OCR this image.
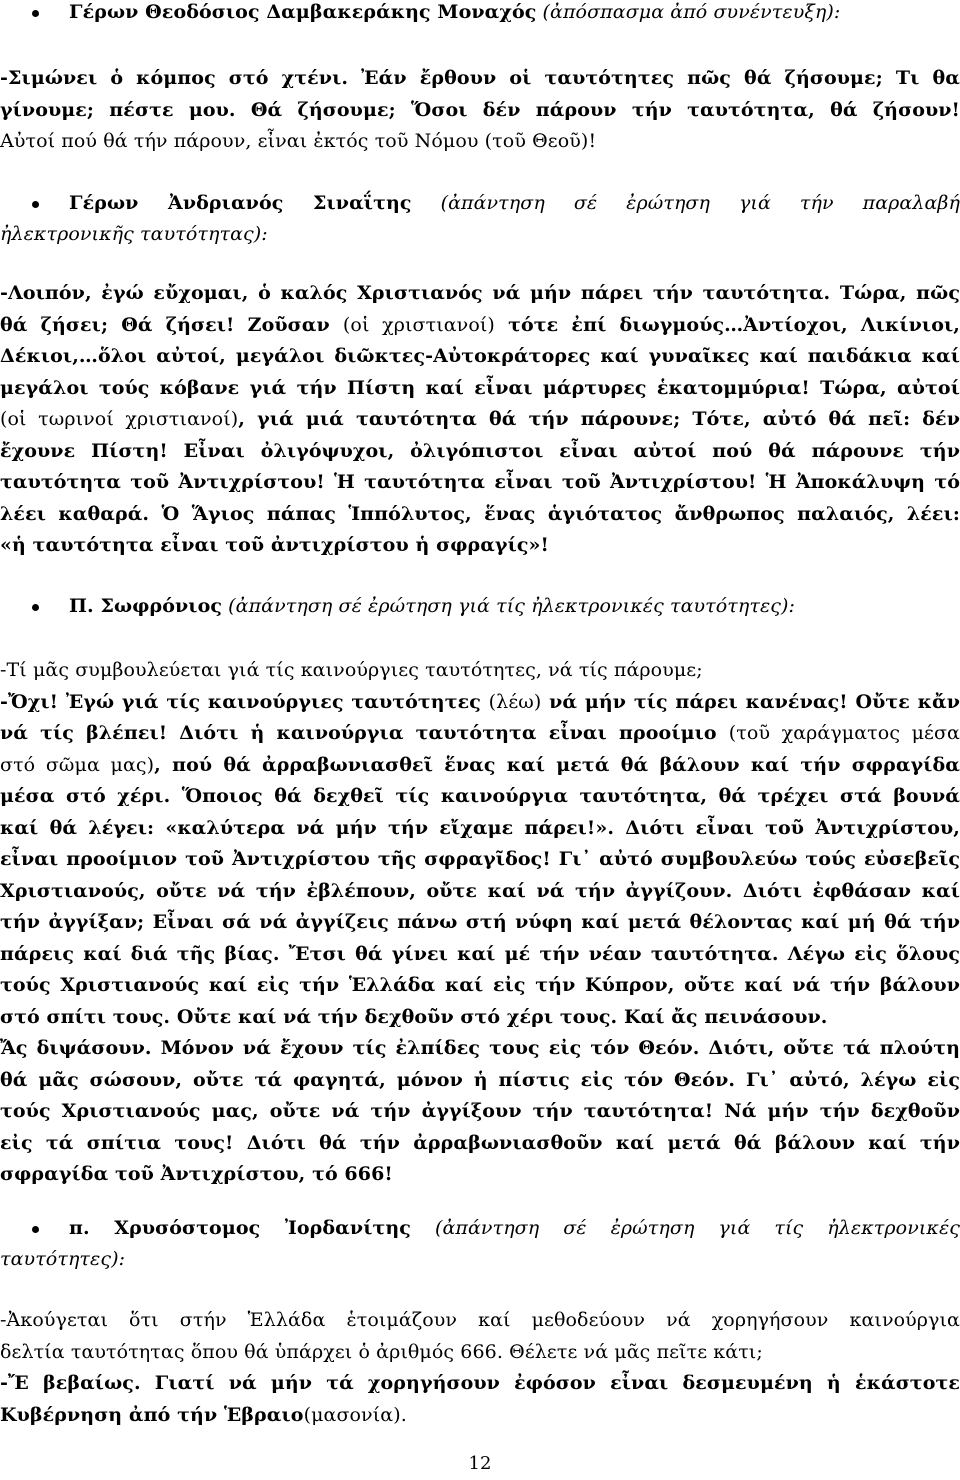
Γέρων Θεοδόσιος Δαμβακεράκης Μοναχός (ἀπόσπασμα ἀπό συνέντευξη):
-Σιμώνει ὁ κόμπος στό χτένι. Ἐάν ἔρθουν οἱ ταυτότητες πῶς θά ζήσουμε; Τι θα
γίνουμε; πέστε μου. Θά ζήσουμε; Ὅσοι δέν πάρουν τήν ταυτότητα, θά ζήσουν!
Αὐτοί πού θά τήν πάρουν, εἶναι ἐκτός τοῦ Νόμου (τοῦ Θεοῦ)!
Γέρων Ἀνδριανός Σιναΐτης (ἀπάντηση σέ ἐρώτηση γιά τήν παραλαβή
ἠλεκτρονικῆς ταυτότητας):
-Λοιπόν, ἐγώ εὔχομαι, ὁ καλός Χριστιανός νά μήν πάρει τήν ταυτότητα. Τώρα, πῶς
θά ζήσει; Θά ζήσει! Ζοῦσαν (οἱ χριστιανοί) τότε ἐπί διωγμούς…Ἀντίοχοι, Λικίνιοι,
Δέκιοι,…ὅλοι αὐτοί, μεγάλοι διῶκτες-Αὐτοκράτορες καί γυναῖκες καί παιδάκια καί
μεγάλοι τούς κόβανε γιά τήν Πίστη καί εἶναι μάρτυρες ἑκατομμύρια! Τώρα, αὐτοί
(οἱ τωρινοί χριστιανοί), γιά μιά ταυτότητα θά τήν πάρουνε; Τότε, αὐτό θά πεῖ: δέν
ἔχουνε Πίστη! Εἶναι ὀλιγόψυχοι, ὀλιγόπιστοι εἶναι αὐτοί πού θά πάρουνε τήν
ταυτότητα τοῦ Ἀντιχρίστου! Ἡ ταυτότητα εἶναι τοῦ Ἀντιχρίστου! Ἡ Ἀποκάλυψη τό
λέει καθαρά. Ὁ Ἅγιος πάπας Ἱππόλυτος, ἕνας ἁγιότατος ἄνθρωπος παλαιός, λέει:
«ἡ ταυτότητα εἶναι τοῦ ἀντιχρίστου ἡ σφραγίς»!
Π. Σωφρόνιος (ἀπάντηση σέ ἐρώτηση γιά τίς ἠλεκτρονικές ταυτότητες):
-Τί μᾶς συμβουλεύεται γιά τίς καινούργιες ταυτότητες, νά τίς πάρουμε;
-Ὄχι! Ἐγώ γιά τίς καινούργιες ταυτότητες (λέω) νά μήν τίς πάρει κανένας! Οὔτε κἄν
νά τίς βλέπει! Διότι ἡ καινούργια ταυτότητα εἶναι προοίμιο (τοῦ χαράγματος μέσα
στό σῶμα μας), πού θά ἀρραβωνιασθεῖ ἕνας καί μετά θά βάλουν καί τήν σφραγίδα
μέσα στό χέρι. Ὅποιος θά δεχθεῖ τίς καινούργια ταυτότητα, θά τρέχει στά βουνά
καί θά λέγει: «καλύτερα νά μήν τήν εἴχαμε πάρει!». Διότι εἶναι τοῦ Ἀντιχρίστου,
εἶναι προοίμιον τοῦ Ἀντιχρίστου τῆς σφραγῖδος! Γι᾽ αὐτό συμβουλεύω τούς εὐσεβεῖς
Χριστιανούς, οὔτε νά τήν ἐβλέπουν, οὔτε καί νά τήν ἀγγίζουν. Διότι ἐφθάσαν καί
τήν ἀγγίξαν; Εἶναι σά νά ἀγγίζεις πάνω στή νύφη καί μετά θέλοντας καί μή θά τήν
πάρεις καί διά τῆς βίας. Ἔτσι θά γίνει καί μέ τήν νέαν ταυτότητα. Λέγω εἰς ὅλους
τούς Χριστιανούς καί εἰς τήν Ἑλλάδα καί εἰς τήν Κύπρον, οὔτε καί νά τήν βάλουν
στό σπίτι τους. Οὔτε καί νά τήν δεχθοῦν στό χέρι τους. Καί ἄς πεινάσουν.
Ἄς διψάσουν. Μόνον νά ἔχουν τίς ἐλπίδες τους εἰς τόν Θεόν. Διότι, οὔτε τά πλούτη
θά μᾶς σώσουν, οὔτε τά φαγητά, μόνον ἡ πίστις εἰς τόν Θεόν. Γι᾽ αὐτό, λέγω εἰς
τούς Χριστιανούς μας, οὔτε νά τήν ἀγγίξουν τήν ταυτότητα! Νά μήν τήν δεχθοῦν
εἰς τά σπίτια τους! Διότι θά τήν ἀρραβωνιασθοῦν καί μετά θά βάλουν καί τήν
σφραγίδα τοῦ Ἀντιχρίστου, τό 666!
π. Χρυσόστομος Ἰορδανίτης (ἀπάντηση σέ ἐρώτηση γιά τίς ἠλεκτρονικές
ταυτότητες):
-Ἀκούγεται ὅτι στήν Ἑλλάδα ἑτοιμάζουν καί μεθοδεύουν νά χορηγήσουν καινούργια
δελτία ταυτότητας ὅπου θά ὑπάρχει ὁ ἀριθμός 666. Θέλετε νά μᾶς πεῖτε κάτι;
-Ἔ βεβαίως. Γιατί νά μήν τά χορηγήσουν ἐφόσον εἶναι δεσμευμένη ἡ ἑκάστοτε
Κυβέρνηση ἀπό τήν Ἑβραιο(μασονία).
12
